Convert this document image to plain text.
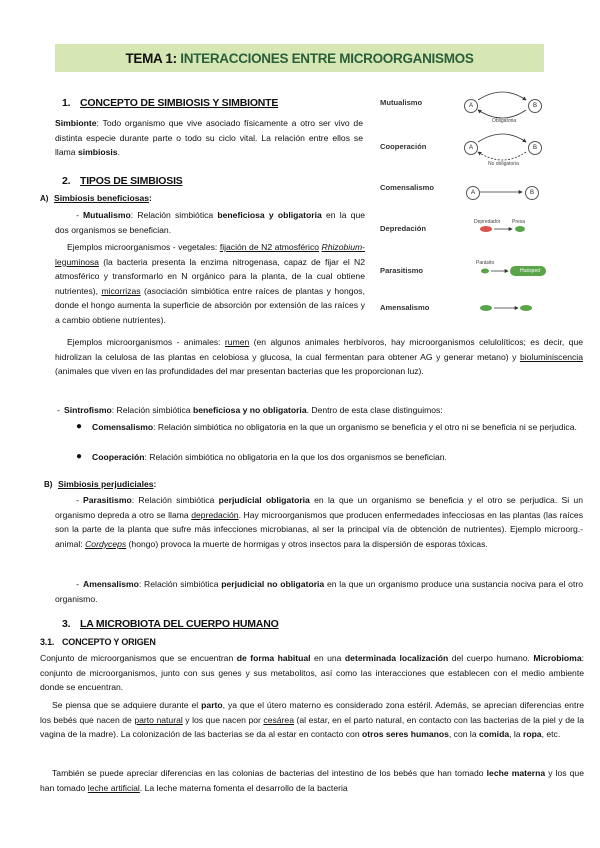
TEMA 1: INTERACCIONES ENTRE MICROORGANISMOS
1. CONCEPTO DE SIMBIOSIS Y SIMBIONTE
Simbionte: Todo organismo que vive asociado físicamente a otro ser vivo de distinta especie durante parte o todo su ciclo vital. La relación entre ellos se llama simbiosis.
2. TIPOS DE SIMBIOSIS
A) Simbiosis beneficiosas:
- Mutualismo: Relación simbiótica beneficiosa y obligatoria en la que dos organismos se benefician.
Ejemplos microorganismos - vegetales: fijación de N2 atmosférico Rhizobium-leguminosa (la bacteria presenta la enzima nitrogenasa, capaz de fijar el N2 atmosférico y transformarlo en N orgánico para la planta, de la cual obtiene nutrientes), micorrizas (asociación simbiótica entre raíces de plantas y hongos, donde el hongo aumenta la superficie de absorción por extensión de las raíces y a cambio obtiene nutrientes).
Ejemplos microorganismos - animales: rumen (en algunos animales herbívoros, hay microorganismos celulolíticos; es decir, que hidrolizan la celulosa de las plantas en celobiosa y glucosa, la cual fermentan para obtener AG y generar metano) y bioluminiscencia (animales que viven en las profundidades del mar presentan bacterias que les proporcionan luz).
- Sintrofismo: Relación simbiótica beneficiosa y no obligatoria. Dentro de esta clase distinguimos:
● Comensalismo: Relación simbiótica no obligatoria en la que un organismo se beneficia y el otro ni se beneficia ni se perjudica.
● Cooperación: Relación simbiótica no obligatoria en la que los dos organismos se benefician.
B) Simbiosis perjudiciales:
- Parasitismo: Relación simbiótica perjudicial obligatoria en la que un organismo se beneficia y el otro se perjudica. Si un organismo depreda a otro se llama depredación. Hay microorganismos que producen enfermedades infecciosas en las plantas (las raíces son la parte de la planta que sufre más infecciones microbianas, al ser la principal vía de obtención de nutrientes). Ejemplo microorg.-animal: Cordyceps (hongo) provoca la muerte de hormigas y otros insectos para la dispersión de esporas tóxicas.
- Amensalismo: Relación simbiótica perjudicial no obligatoria en la que un organismo produce una sustancia nociva para el otro organismo.
3. LA MICROBIOTA DEL CUERPO HUMANO
3.1. CONCEPTO Y ORIGEN
Conjunto de microorganismos que se encuentran de forma habitual en una determinada localización del cuerpo humano. Microbioma: conjunto de microorganismos, junto con sus genes y sus metabolitos, así como las interacciones que establecen con el medio ambiente donde se encuentran.
Se piensa que se adquiere durante el parto, ya que el útero materno es considerado zona estéril. Además, se aprecian diferencias entre los bebés que nacen de parto natural y los que nacen por cesárea (al estar, en el parto natural, en contacto con las bacterias de la piel y de la vagina de la madre). La colonización de las bacterias se da al estar en contacto con otros seres humanos, con la comida, la ropa, etc.
También se puede apreciar diferencias en las colonias de bacterias del intestino de los bebés que han tomado leche materna y los que han tomado leche artificial. La leche materna fomenta el desarrollo de la bacteria
Mutualismo	A	B
Obligatoria
Cooperación	A	B
No obligatoria
Comensalismo
A	B
Depredación
Depredador Presa
Parasitismo
Parásito
Huésped
Amensalismo
